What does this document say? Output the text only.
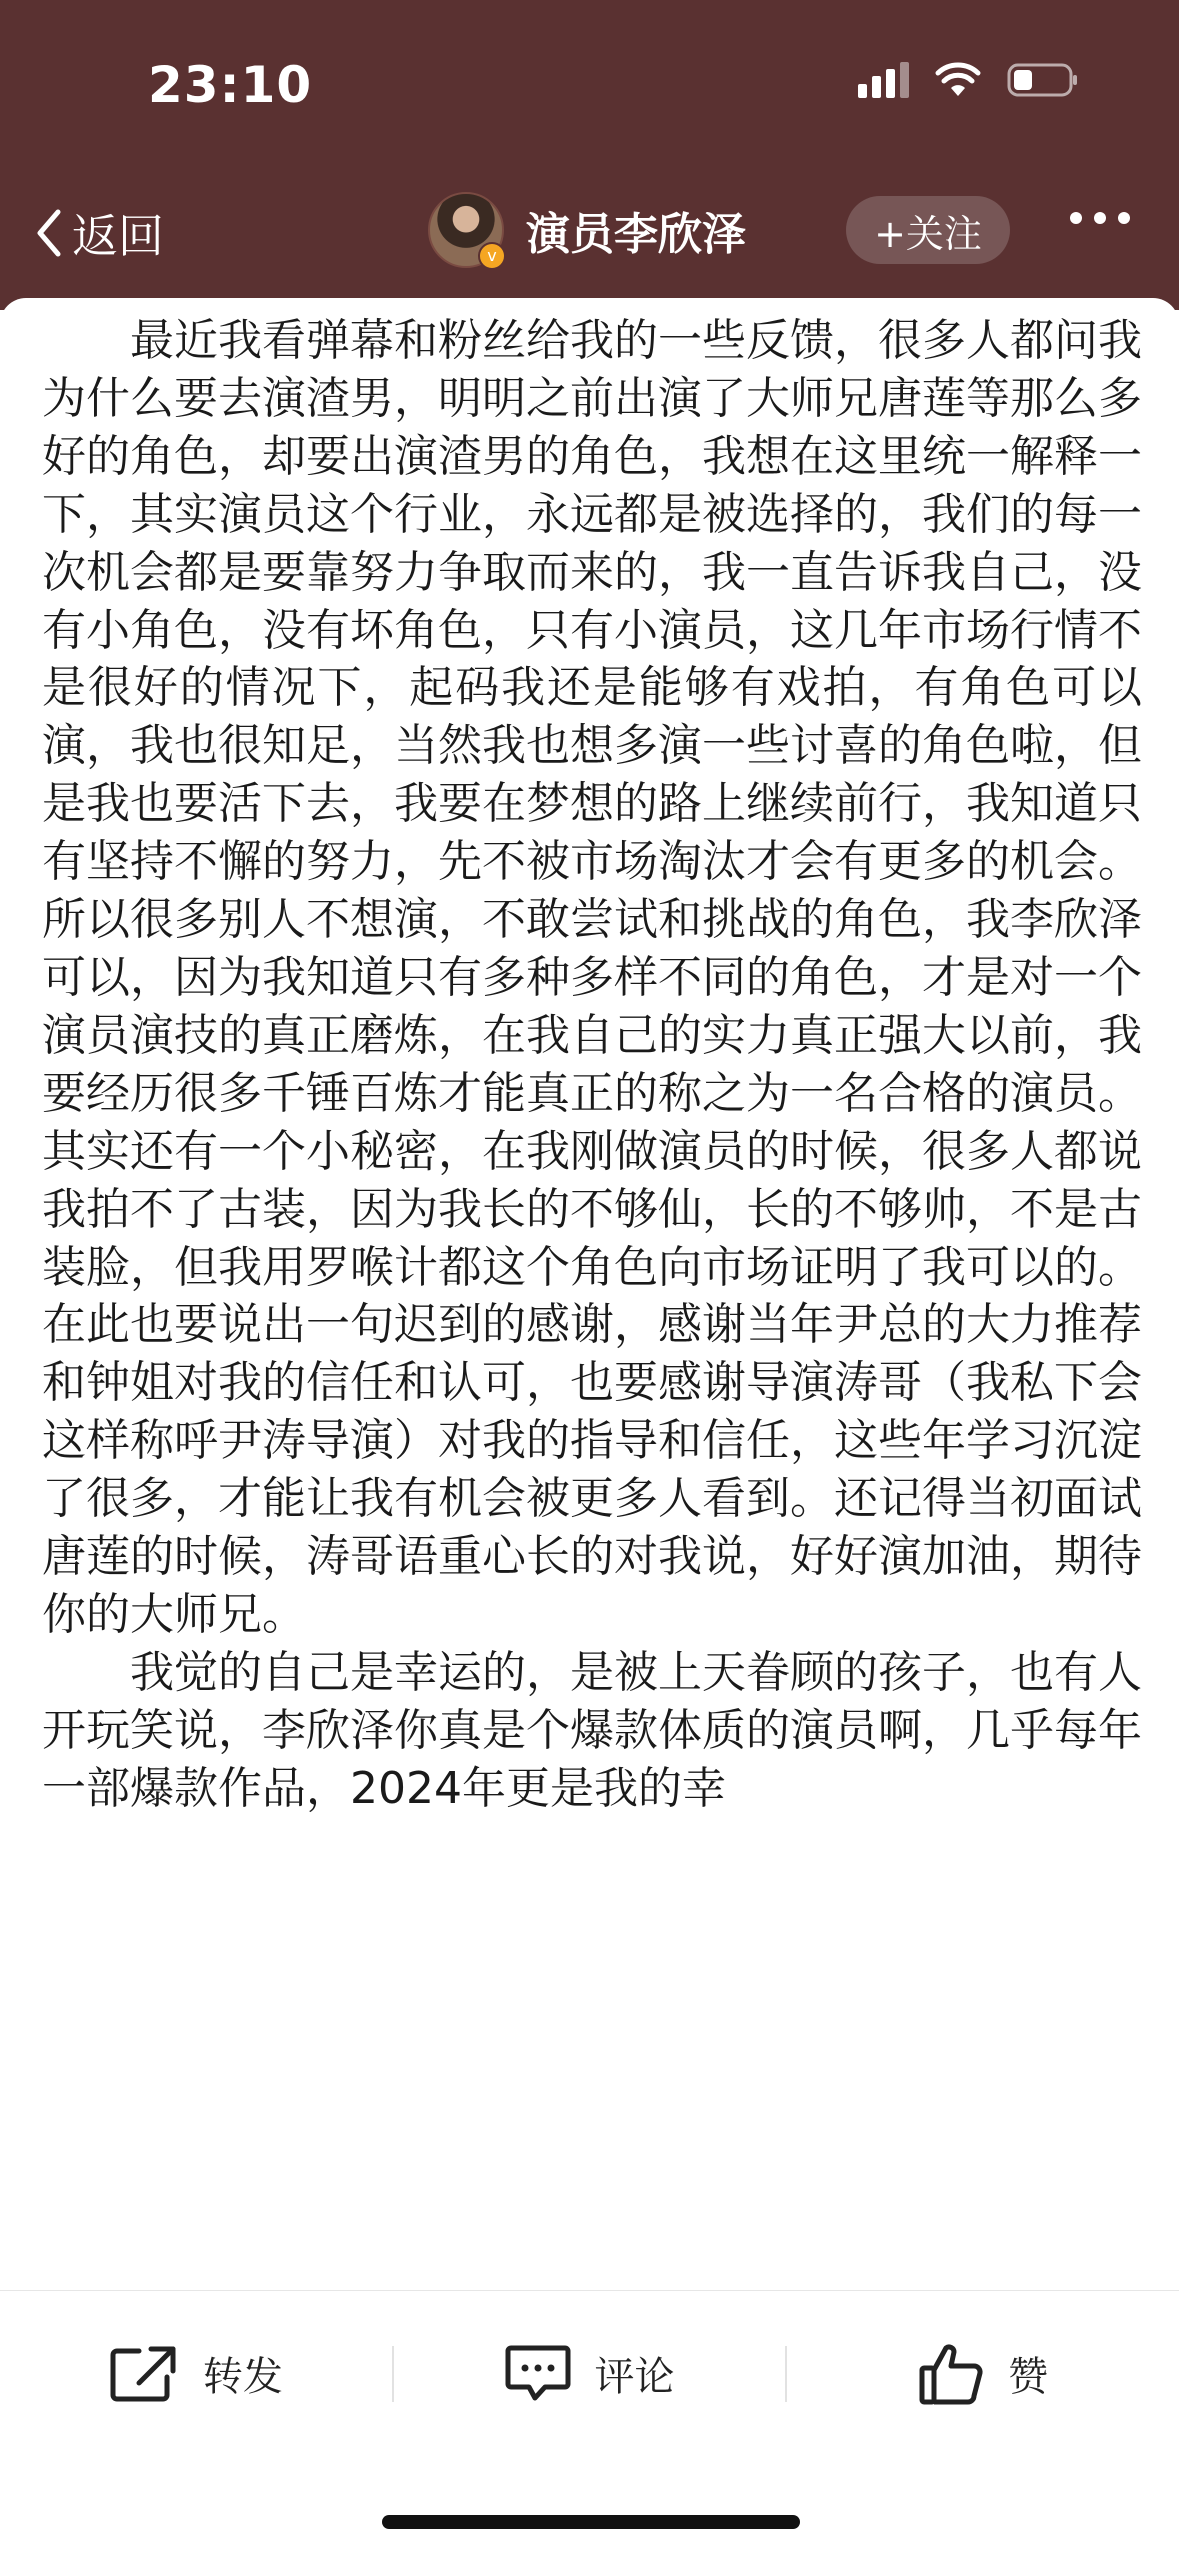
23:10
返回	v 演员李欣泽	+关注

最近我看弹幕和粉丝给我的一些反馈，很多人都问我为什么要去演渣男，明明之前出演了大师兄唐莲等那么多好的角色，却要出演渣男的角色，我想在这里统一解释一下，其实演员这个行业，永远都是被选择的，我们的每一次机会都是要靠努力争取而来的，我一直告诉我自己，没有小角色，没有坏角色，只有小演员，这几年市场行情不是很好的情况下，起码我还是能够有戏拍，有角色可以演，我也很知足，当然我也想多演一些讨喜的角色啦，但是我也要活下去，我要在梦想的路上继续前行，我知道只有坚持不懈的努力，先不被市场淘汰才会有更多的机会。所以很多别人不想演，不敢尝试和挑战的角色，我李欣泽可以，因为我知道只有多种多样不同的角色，才是对一个演员演技的真正磨炼，在我自己的实力真正强大以前，我要经历很多千锤百炼才能真正的称之为一名合格的演员。其实还有一个小秘密，在我刚做演员的时候，很多人都说我拍不了古装，因为我长的不够仙，长的不够帅，不是古装脸，但我用罗喉计都这个角色向市场证明了我可以的。在此也要说出一句迟到的感谢，感谢当年尹总的大力推荐和钟姐对我的信任和认可，也要感谢导演涛哥（我私下会这样称呼尹涛导演）对我的指导和信任，这些年学习沉淀了很多，才能让我有机会被更多人看到。还记得当初面试唐莲的时候，涛哥语重心长的对我说，好好演加油，期待你的大师兄。

我觉的自己是幸运的，是被上天眷顾的孩子，也有人开玩笑说，李欣泽你真是个爆款体质的演员啊，几乎每年一部爆款作品，2024年更是我的幸

转发	评论	赞
